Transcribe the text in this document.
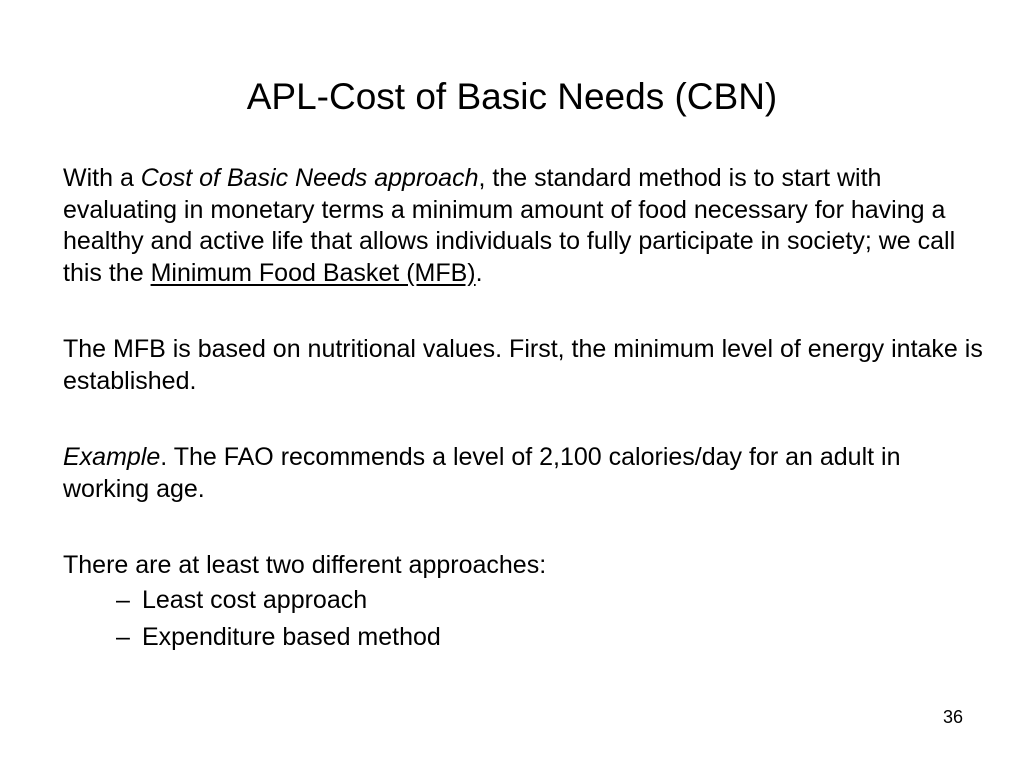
APL-Cost of Basic Needs (CBN)

With a Cost of Basic Needs approach, the standard method is to start with evaluating in monetary terms a minimum amount of food necessary for having a healthy and active life that allows individuals to fully participate in society; we call this the Minimum Food Basket (MFB).

The MFB is based on nutritional values. First, the minimum level of energy intake is established.

Example. The FAO recommends a level of 2,100 calories/day for an adult in working age.

There are at least two different approaches:

– Least cost approach
– Expenditure based method
36
